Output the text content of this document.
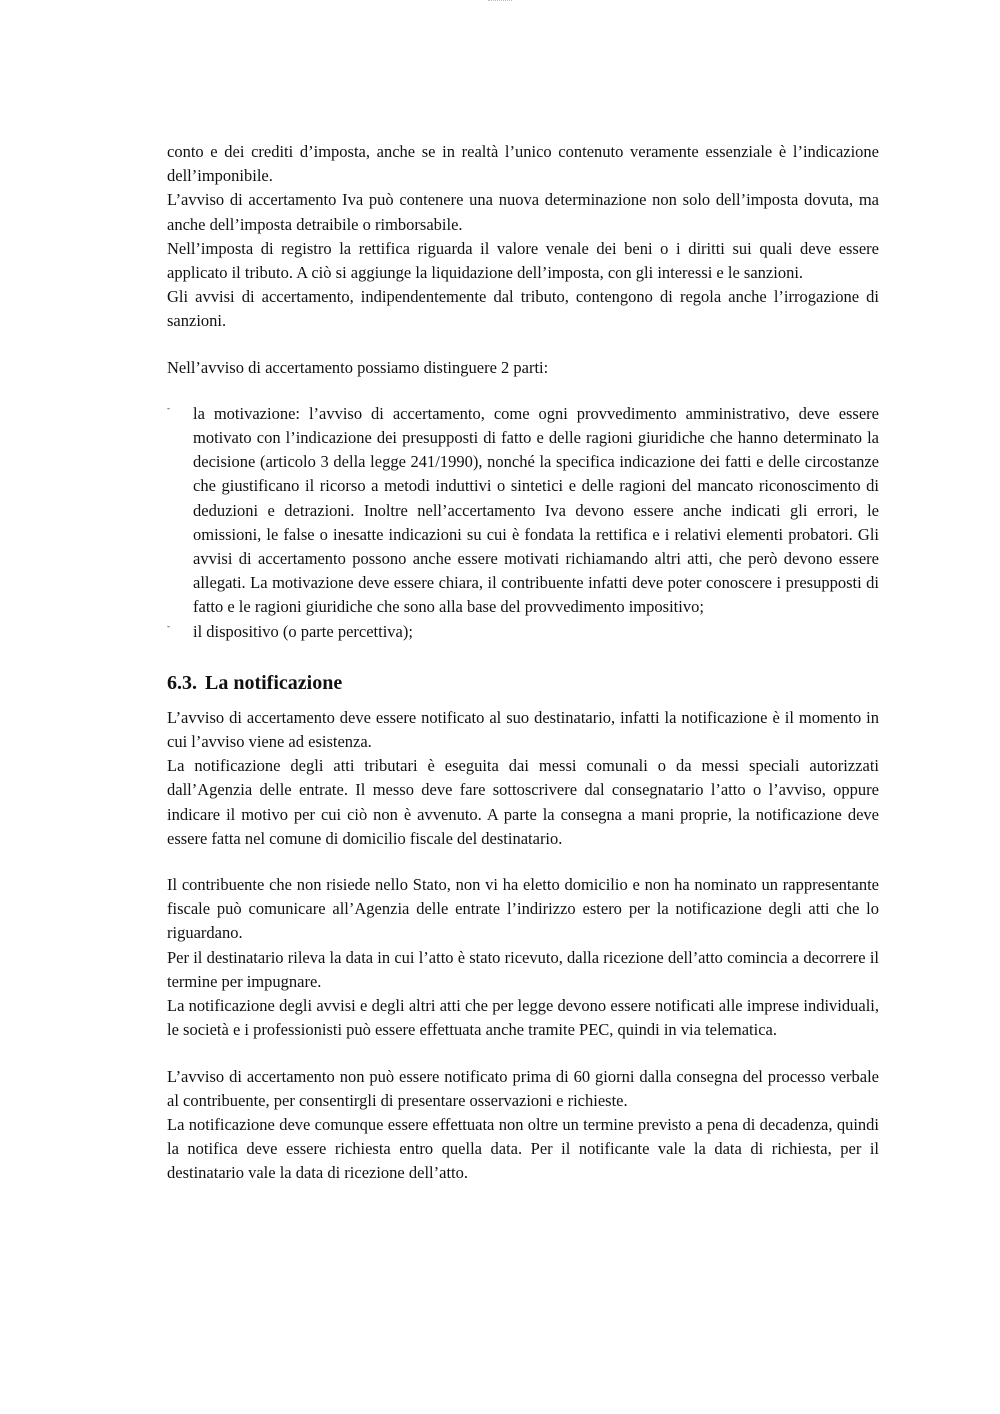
conto e dei crediti d’imposta, anche se in realtà l’unico contenuto veramente essenziale è l’indicazione dell’imponibile.

L’avviso di accertamento Iva può contenere una nuova determinazione non solo dell’imposta dovuta, ma anche dell’imposta detraibile o rimborsabile.

Nell’imposta di registro la rettifica riguarda il valore venale dei beni o i diritti sui quali deve essere applicato il tributo. A ciò si aggiunge la liquidazione dell’imposta, con gli interessi e le sanzioni.

Gli avvisi di accertamento, indipendentemente dal tributo, contengono di regola anche l’irrogazione di sanzioni.

Nell’avviso di accertamento possiamo distinguere 2 parti:

- la motivazione: l’avviso di accertamento, come ogni provvedimento amministrativo, deve essere motivato con l’indicazione dei presupposti di fatto e delle ragioni giuridiche che hanno determinato la decisione (articolo 3 della legge 241/1990), nonché la specifica indicazione dei fatti e delle circostanze che giustificano il ricorso a metodi induttivi o sintetici e delle ragioni del mancato riconoscimento di deduzioni e detrazioni. Inoltre nell’accertamento Iva devono essere anche indicati gli errori, le omissioni, le false o inesatte indicazioni su cui è fondata la rettifica e i relativi elementi probatori. Gli avvisi di accertamento possono anche essere motivati richiamando altri atti, che però devono essere allegati. La motivazione deve essere chiara, il contribuente infatti deve poter conoscere i presupposti di fatto e le ragioni giuridiche che sono alla base del provvedimento impositivo;
- il dispositivo (o parte percettiva);
6.3. La notificazione

L’avviso di accertamento deve essere notificato al suo destinatario, infatti la notificazione è il momento in cui l’avviso viene ad esistenza.

La notificazione degli atti tributari è eseguita dai messi comunali o da messi speciali autorizzati dall’Agenzia delle entrate. Il messo deve fare sottoscrivere dal consegnatario l’atto o l’avviso, oppure indicare il motivo per cui ciò non è avvenuto. A parte la consegna a mani proprie, la notificazione deve essere fatta nel comune di domicilio fiscale del destinatario.

Il contribuente che non risiede nello Stato, non vi ha eletto domicilio e non ha nominato un rappresentante fiscale può comunicare all’Agenzia delle entrate l’indirizzo estero per la notificazione degli atti che lo riguardano.

Per il destinatario rileva la data in cui l’atto è stato ricevuto, dalla ricezione dell’atto comincia a decorrere il termine per impugnare.

La notificazione degli avvisi e degli altri atti che per legge devono essere notificati alle imprese individuali, le società e i professionisti può essere effettuata anche tramite PEC, quindi in via telematica.

L’avviso di accertamento non può essere notificato prima di 60 giorni dalla consegna del processo verbale al contribuente, per consentirgli di presentare osservazioni e richieste.

La notificazione deve comunque essere effettuata non oltre un termine previsto a pena di decadenza, quindi la notifica deve essere richiesta entro quella data. Per il notificante vale la data di richiesta, per il destinatario vale la data di ricezione dell’atto.
